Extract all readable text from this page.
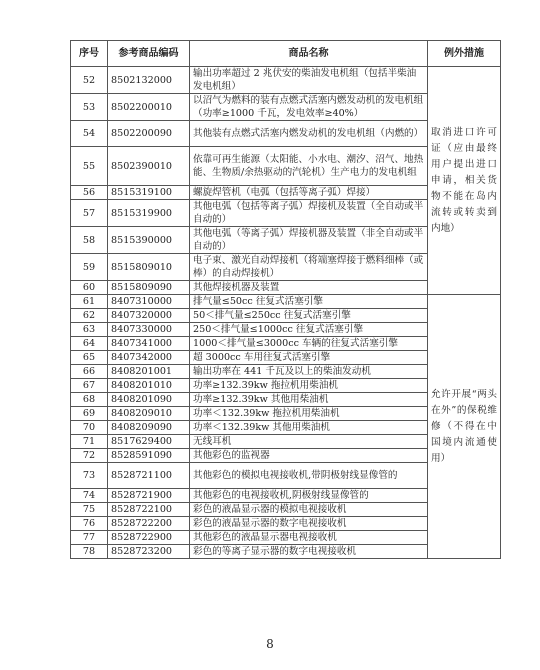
序号	参考商品编码	商品名称	例外措施
52	8502132000	输出功率超过 2 兆伏安的柴油发电机组（包括半柴油发电机组）	取消进口许可证（应由最终用户提出进口申请，相关货物不能在岛内流转或转卖到内地）
53	8502200010	以沼气为燃料的装有点燃式活塞内燃发动机的发电机组（功率≥1000 千瓦，发电效率≥40%）	
54	8502200090	其他装有点燃式活塞内燃发动机的发电机组（内燃的）	
55	8502390010	依靠可再生能源（太阳能、小水电、潮汐、沼气、地热能、生物质/余热驱动的汽轮机）生产电力的发电机组	
56	8515319100	螺旋焊管机（电弧（包括等离子弧）焊接）	
57	8515319900	其他电弧（包括等离子弧）焊接机及装置（全自动或半自动的）	
58	8515390000	其他电弧（等离子弧）焊接机器及装置（非全自动或半自动的）	
59	8515809010	电子束、激光自动焊接机（将端塞焊接于燃料细棒（或棒）的自动焊接机）	
60	8515809090	其他焊接机器及装置	
61	8407310000	排气量≤50cc 往复式活塞引擎	允许开展“两头在外”的保税维修（不得在中国境内流通使用）
62	8407320000	50＜排气量≤250cc 往复式活塞引擎	
63	8407330000	250＜排气量≤1000cc 往复式活塞引擎	
64	8407341000	1000＜排气量≤3000cc 车辆的往复式活塞引擎	
65	8407342000	超 3000cc 车用往复式活塞引擎	
66	8408201001	输出功率在 441 千瓦及以上的柴油发动机	
67	8408201010	功率≥132.39kw 拖拉机用柴油机	
68	8408201090	功率≥132.39kw 其他用柴油机	
69	8408209010	功率＜132.39kw 拖拉机用柴油机	
70	8408209090	功率＜132.39kw 其他用柴油机	
71	8517629400	无线耳机	
72	8528591090	其他彩色的监视器	
73	8528721100	其他彩色的模拟电视接收机,带阴极射线显像管的	
74	8528721900	其他彩色的电视接收机,阴极射线显像管的	
75	8528722100	彩色的液晶显示器的模拟电视接收机	
76	8528722200	彩色的液晶显示器的数字电视接收机	
77	8528722900	其他彩色的液晶显示器电视接收机	
78	8528723200	彩色的等离子显示器的数字电视接收机	
8
